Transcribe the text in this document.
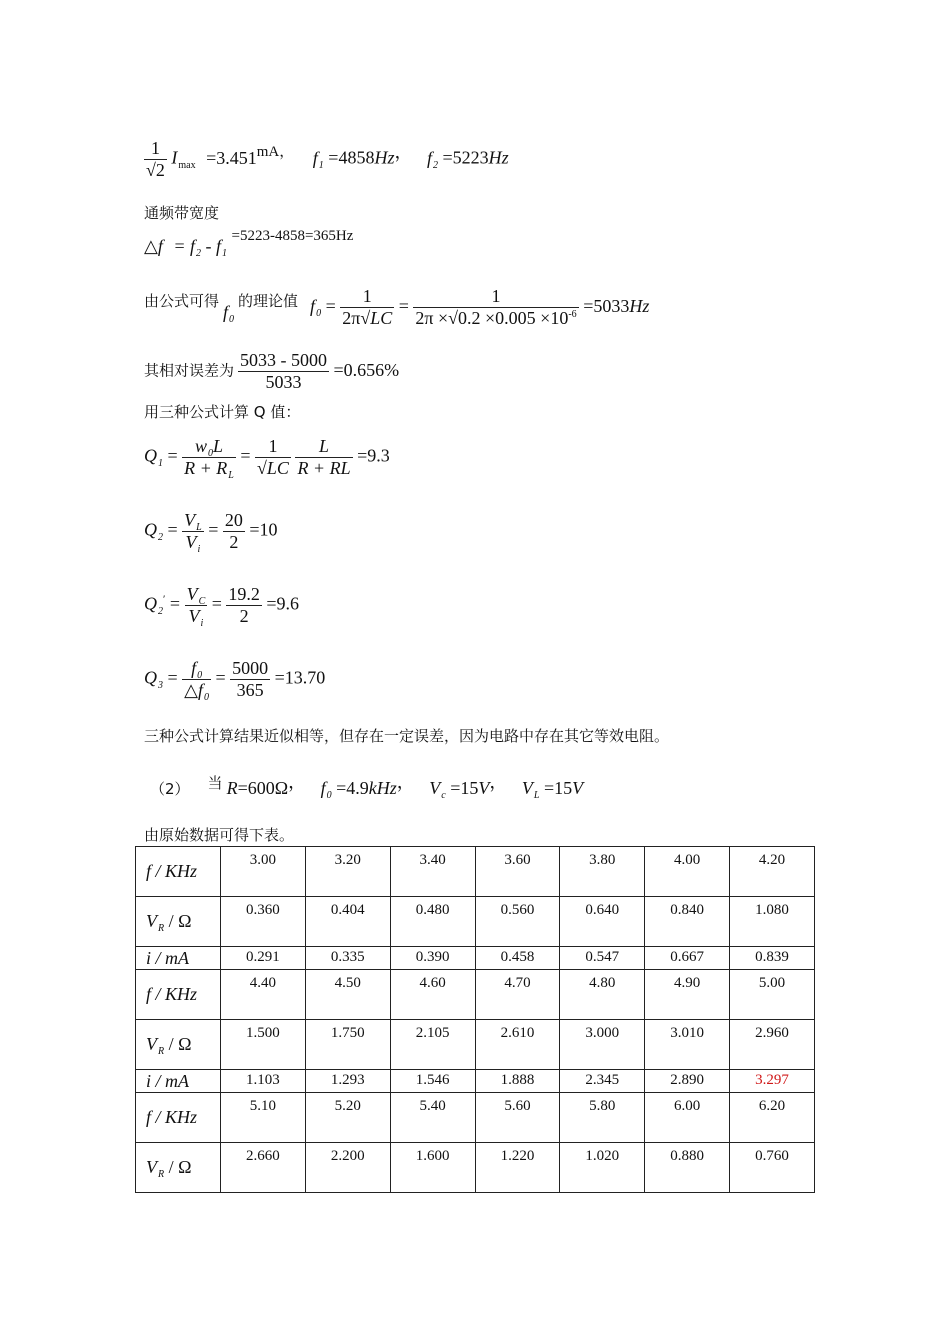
$\frac{1}{√2} I_{max} =3.451^{mA,}$ $f_1 =4858Hz$， $f_2 =5223Hz$
通频带宽度
△f = $f_2 - f_1$ $^{=5223-4858=365Hz}$
由公式可得 $f_0$ 的理论值 $f_0 = \frac{1}{2\pi√LC} = \frac{1}{2\pi \times√0.2 \times 0.005 \times 10^{-6}} =5033Hz$
其相对误差为 $\frac{5033 - 5000}{5033} =0.656\%$
用三种公式计算 Q 值：
$Q_1 = \frac{w_0L}{R + R_L} = \frac{1}{√LC}$
$\frac{L}{R + RL} =9.3$
$Q_2 = \frac{V_L}{V_i} = \frac{20}{2} =10$
$Q_2' = \frac{V_C}{V_i} = \frac{19.2}{2} =9.6$
$Q_3 = \frac{f_0}{\triangle f_0} = \frac{5000}{365} =13.70$
三种公式计算结果近似相等，但存在一定误差，因为电路中存在其它等效电阻。
（2） 当 R=600Ω， $f_0 =4.9kHz$， $V_c =15V$， $V_L =15V$
由原始数据可得下表。
f / KHz	3.00	3.20	3.40	3.60	3.80	4.00	4.20
$V_R$ / Ω	0.360	0.404	0.480	0.560	0.640	0.840	1.080
i / mA	0.291	0.335	0.390	0.458	0.547	0.667	0.839
f / KHz	4.40	4.50	4.60	4.70	4.80	4.90	5.00
$V_R$ / Ω	1.500	1.750	2.105	2.610	3.000	3.010	2.960
i / mA	1.103	1.293	1.546	1.888	2.345	2.890	3.297
f / KHz	5.10	5.20	5.40	5.60	5.80	6.00	6.20
$V_R$ / Ω	2.660	2.200	1.600	1.220	1.020	0.880	0.760
